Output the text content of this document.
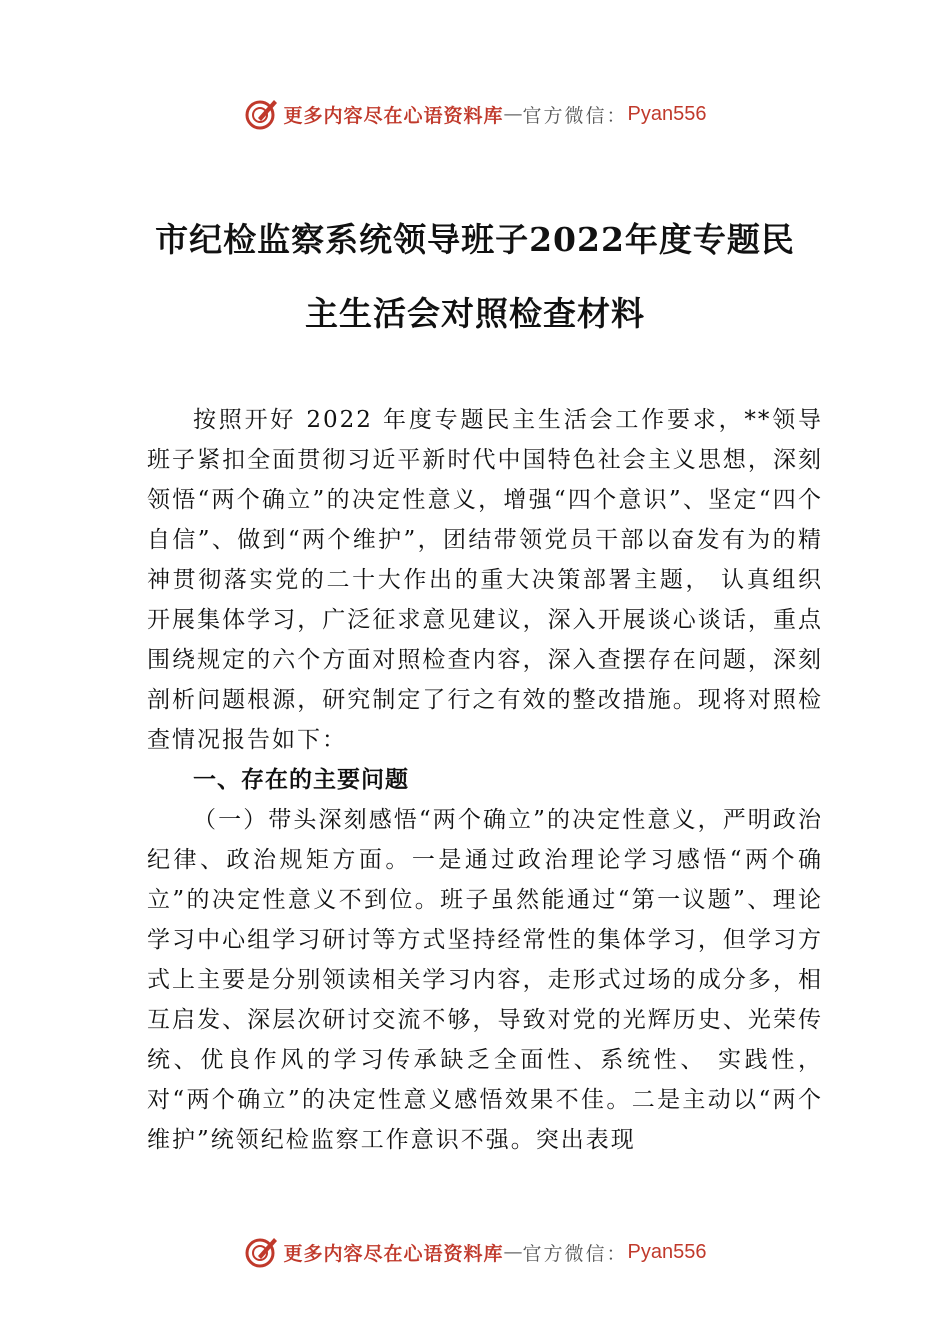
更多内容尽在心语资料库 — 官方微信： Pyan556
市纪检监察系统领导班子2022年度专题民
主生活会对照检查材料

按照开好 2022 年度专题民主生活会工作要求，**领导班子紧扣全面贯彻习近平新时代中国特色社会主义思想，深刻领悟“两个确立”的决定性意义，增强“四个意识”、坚定“四个自信”、做到“两个维护”，团结带领党员干部以奋发有为的精神贯彻落实党的二十大作出的重大决策部署主题， 认真组织开展集体学习，广泛征求意见建议，深入开展谈心谈话，重点围绕规定的六个方面对照检查内容，深入查摆存在问题，深刻剖析问题根源，研究制定了行之有效的整改措施。现将对照检查情况报告如下：

一、存在的主要问题

（一）带头深刻感悟“两个确立”的决定性意义，严明政治纪律、政治规矩方面。一是通过政治理论学习感悟“两个确立”的决定性意义不到位。班子虽然能通过“第一议题”、理论学习中心组学习研讨等方式坚持经常性的集体学习，但学习方式上主要是分别领读相关学习内容，走形式过场的成分多，相互启发、深层次研讨交流不够，导致对党的光辉历史、光荣传统、优良作风的学习传承缺乏全面性、系统性、 实践性，对“两个确立”的决定性意义感悟效果不佳。二是主动以“两个维护”统领纪检监察工作意识不强。突出表现

更多内容尽在心语资料库 — 官方微信： Pyan556
